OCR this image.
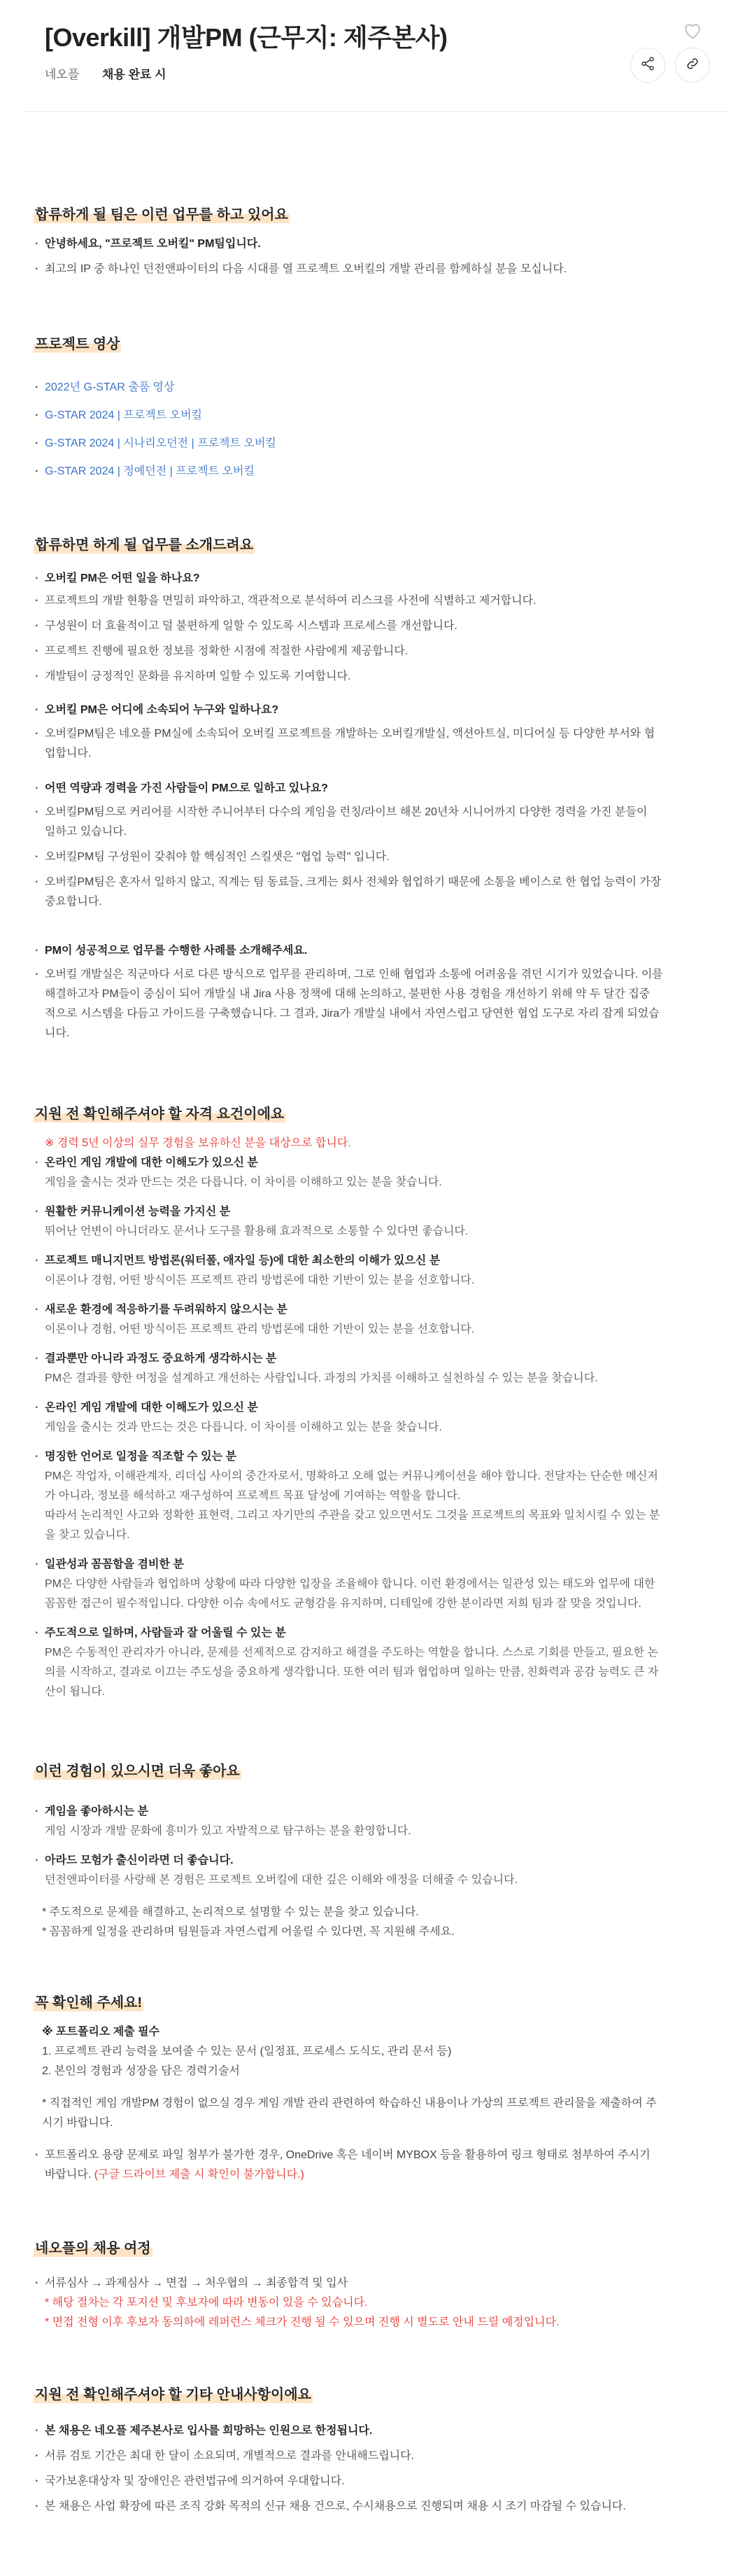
[Overkill] 개발PM (근무지: 제주본사)
네오플 채용 완료 시
합류하게 될 팀은 이런 업무를 하고 있어요
· 안녕하세요, "프로젝트 오버킬" PM팀입니다.
· 최고의 IP 중 하나인 던전앤파이터의 다음 시대를 열 프로젝트 오버킬의 개발 관리를 함께하실 분을 모십니다.
프로젝트 영상
· 2022년 G-STAR 출품 영상
· G-STAR 2024 | 프로젝트 오버킬
· G-STAR 2024 | 시나리오던전 | 프로젝트 오버킬
· G-STAR 2024 | 정예던전 | 프로젝트 오버킬
합류하면 하게 될 업무를 소개드려요
· 오버킬 PM은 어떤 일을 하나요?
· 프로젝트의 개발 현황을 면밀히 파악하고, 객관적으로 분석하여 리스크를 사전에 식별하고 제거합니다.
· 구성원이 더 효율적이고 덜 불편하게 일할 수 있도록 시스템과 프로세스를 개선합니다.
· 프로젝트 진행에 필요한 정보를 정확한 시점에 적절한 사람에게 제공합니다.
· 개발팀이 긍정적인 문화를 유지하며 일할 수 있도록 기여합니다.
· 오버킬 PM은 어디에 소속되어 누구와 일하나요?
· 오버킬PM팀은 네오플 PM실에 소속되어 오버킬 프로젝트를 개발하는 오버킬개발실, 액션아트실, 미디어실 등 다양한 부서와 협
업합니다.
· 어떤 역량과 경력을 가진 사람들이 PM으로 일하고 있나요?
· 오버킬PM팀으로 커리어를 시작한 주니어부터 다수의 게임을 런칭/라이브 해본 20년차 시니어까지 다양한 경력을 가진 분들이
일하고 있습니다.
· 오버킬PM팀 구성원이 갖춰야 할 핵심적인 스킬셋은 "협업 능력" 입니다.
· 오버킬PM팀은 혼자서 일하지 않고, 직계는 팀 동료들, 크게는 회사 전체와 협업하기 때문에 소통을 베이스로 한 협업 능력이 가장
중요합니다.
· PM이 성공적으로 업무를 수행한 사례를 소개해주세요.
· 오버킬 개발실은 직군마다 서로 다른 방식으로 업무를 관리하며, 그로 인해 협업과 소통에 어려움을 겪던 시기가 있었습니다. 이를
해결하고자 PM들이 중심이 되어 개발실 내 Jira 사용 정책에 대해 논의하고, 불편한 사용 경험을 개선하기 위해 약 두 달간 집중
적으로 시스템을 다듬고 가이드를 구축했습니다. 그 결과, Jira가 개발실 내에서 자연스럽고 당연한 협업 도구로 자리 잡게 되었습
니다.
지원 전 확인해주셔야 할 자격 요건이에요
※ 경력 5년 이상의 실무 경험을 보유하신 분을 대상으로 합니다.
· 온라인 게임 개발에 대한 이해도가 있으신 분
게임을 출시는 것과 만드는 것은 다릅니다. 이 차이를 이해하고 있는 분을 찾습니다.
· 원활한 커뮤니케이션 능력을 가지신 분
뛰어난 언변이 아니더라도 문서나 도구를 활용해 효과적으로 소통할 수 있다면 좋습니다.
· 프로젝트 매니지먼트 방법론(워터폴, 애자일 등)에 대한 최소한의 이해가 있으신 분
이론이나 경험, 어떤 방식이든 프로젝트 관리 방법론에 대한 기반이 있는 분을 선호합니다.
· 새로운 환경에 적응하기를 두려워하지 않으시는 분
이론이나 경험, 어떤 방식이든 프로젝트 관리 방법론에 대한 기반이 있는 분을 선호합니다.
· 결과뿐만 아니라 과정도 중요하게 생각하시는 분
PM은 결과를 향한 여정을 설계하고 개선하는 사람입니다. 과정의 가치를 이해하고 실천하실 수 있는 분을 찾습니다.
· 온라인 게임 개발에 대한 이해도가 있으신 분
게임을 출시는 것과 만드는 것은 다릅니다. 이 차이를 이해하고 있는 분을 찾습니다.
· 명징한 언어로 일정을 직조할 수 있는 분
PM은 작업자, 이해관계자, 리더십 사이의 중간자로서, 명확하고 오해 없는 커뮤니케이션을 해야 합니다. 전달자는 단순한 메신저
가 아니라, 정보를 해석하고 재구성하여 프로젝트 목표 달성에 기여하는 역할을 합니다.
따라서 논리적인 사고와 정확한 표현력, 그리고 자기만의 주관을 갖고 있으면서도 그것을 프로젝트의 목표와 일치시킬 수 있는 분
을 찾고 있습니다.
· 일관성과 꼼꼼함을 겸비한 분
PM은 다양한 사람들과 협업하며 상황에 따라 다양한 입장을 조율해야 합니다. 이런 환경에서는 일관성 있는 태도와 업무에 대한
꼼꼼한 접근이 필수적입니다. 다양한 이슈 속에서도 균형감을 유지하며, 디테일에 강한 분이라면 저희 팀과 잘 맞을 것입니다.
· 주도적으로 일하며, 사람들과 잘 어울릴 수 있는 분
PM은 수동적인 관리자가 아니라, 문제를 선제적으로 감지하고 해결을 주도하는 역할을 합니다. 스스로 기회를 만들고, 필요한 논
의를 시작하고, 결과로 이끄는 주도성을 중요하게 생각합니다. 또한 여러 팀과 협업하며 일하는 만큼, 친화력과 공감 능력도 큰 자
산이 됩니다.
이런 경험이 있으시면 더욱 좋아요
· 게임을 좋아하시는 분
게임 시장과 개발 문화에 흥미가 있고 자발적으로 탐구하는 분을 환영합니다.
· 아라드 모험가 출신이라면 더 좋습니다.
던전앤파이터를 사랑해 본 경험은 프로젝트 오버킬에 대한 깊은 이해와 애정을 더해줄 수 있습니다.
* 주도적으로 문제를 해결하고, 논리적으로 설명할 수 있는 분을 찾고 있습니다.
* 꼼꼼하게 일정을 관리하며 팀원들과 자연스럽게 어울릴 수 있다면, 꼭 지원해 주세요.
꼭 확인해 주세요!
※ 포트폴리오 제출 필수
1. 프로젝트 관리 능력을 보여줄 수 있는 문서 (일정표, 프로세스 도식도, 관리 문서 등)
2. 본인의 경험과 성장을 담은 경력기술서
* 직접적인 게임 개발PM 경험이 없으실 경우 게임 개발 관리 관련하여 학습하신 내용이나 가상의 프로젝트 관리물을 제출하여 주
시기 바랍니다.
· 포트폴리오 용량 문제로 파일 첨부가 불가한 경우, OneDrive 혹은 네이버 MYBOX 등을 활용하여 링크 형태로 첨부하여 주시기
바랍니다. (구글 드라이브 제출 시 확인이 불가합니다.)
네오플의 채용 여정
· 서류심사 → 과제심사 → 면접 → 처우협의 → 최종합격 및 입사
* 해당 절차는 각 포지션 및 후보자에 따라 변동이 있을 수 있습니다.
* 면접 전형 이후 후보자 동의하에 레퍼런스 체크가 진행 될 수 있으며 진행 시 별도로 안내 드릴 예정입니다.
지원 전 확인해주셔야 할 기타 안내사항이에요
· 본 채용은 네오플 제주본사로 입사를 희망하는 인원으로 한정됩니다.
· 서류 검토 기간은 최대 한 달이 소요되며, 개별적으로 결과를 안내해드립니다.
· 국가보훈대상자 및 장애인은 관련법규에 의거하여 우대합니다.
· 본 채용은 사업 확장에 따른 조직 강화 목적의 신규 채용 건으로, 수시채용으로 진행되며 채용 시 조기 마감될 수 있습니다.
